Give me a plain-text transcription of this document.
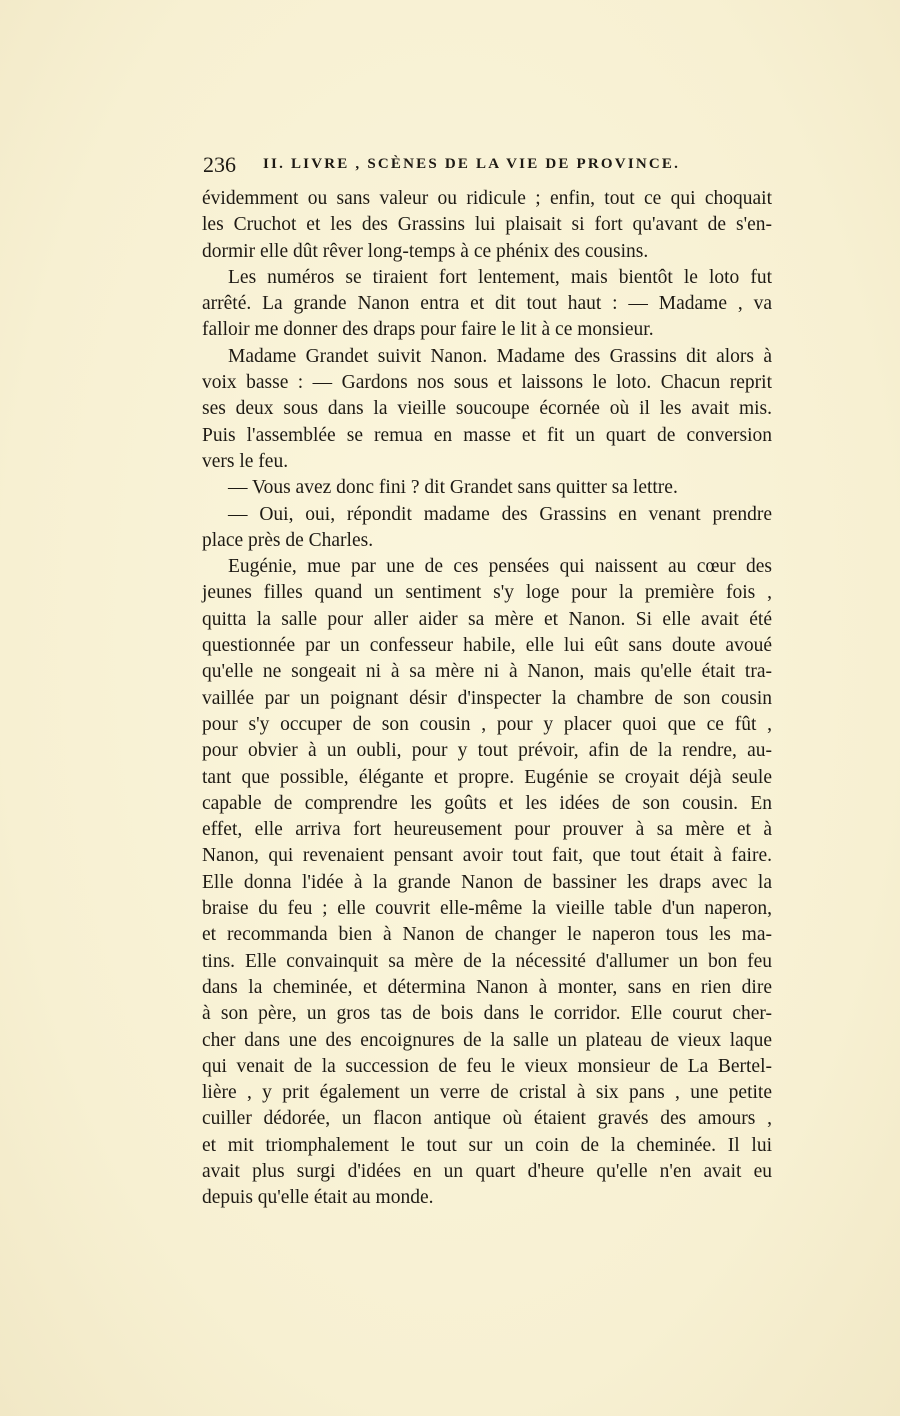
236 II. LIVRE , SCÈNES DE LA VIE DE PROVINCE.
évidemment ou sans valeur ou ridicule ; enfin, tout ce qui choquait
les Cruchot et les des Grassins lui plaisait si fort qu'avant de s'en-
dormir elle dût rêver long-temps à ce phénix des cousins.
Les numéros se tiraient fort lentement, mais bientôt le loto fut
arrêté. La grande Nanon entra et dit tout haut : — Madame , va
falloir me donner des draps pour faire le lit à ce monsieur.
Madame Grandet suivit Nanon. Madame des Grassins dit alors à
voix basse : — Gardons nos sous et laissons le loto. Chacun reprit
ses deux sous dans la vieille soucoupe écornée où il les avait mis.
Puis l'assemblée se remua en masse et fit un quart de conversion
vers le feu.
— Vous avez donc fini ? dit Grandet sans quitter sa lettre.
— Oui, oui, répondit madame des Grassins en venant prendre
place près de Charles.
Eugénie, mue par une de ces pensées qui naissent au cœur des
jeunes filles quand un sentiment s'y loge pour la première fois ,
quitta la salle pour aller aider sa mère et Nanon. Si elle avait été
questionnée par un confesseur habile, elle lui eût sans doute avoué
qu'elle ne songeait ni à sa mère ni à Nanon, mais qu'elle était tra-
vaillée par un poignant désir d'inspecter la chambre de son cousin
pour s'y occuper de son cousin , pour y placer quoi que ce fût ,
pour obvier à un oubli, pour y tout prévoir, afin de la rendre, au-
tant que possible, élégante et propre. Eugénie se croyait déjà seule
capable de comprendre les goûts et les idées de son cousin. En
effet, elle arriva fort heureusement pour prouver à sa mère et à
Nanon, qui revenaient pensant avoir tout fait, que tout était à faire.
Elle donna l'idée à la grande Nanon de bassiner les draps avec la
braise du feu ; elle couvrit elle-même la vieille table d'un naperon,
et recommanda bien à Nanon de changer le naperon tous les ma-
tins. Elle convainquit sa mère de la nécessité d'allumer un bon feu
dans la cheminée, et détermina Nanon à monter, sans en rien dire
à son père, un gros tas de bois dans le corridor. Elle courut cher-
cher dans une des encoignures de la salle un plateau de vieux laque
qui venait de la succession de feu le vieux monsieur de La Bertel-
lière , y prit également un verre de cristal à six pans , une petite
cuiller dédorée, un flacon antique où étaient gravés des amours ,
et mit triomphalement le tout sur un coin de la cheminée. Il lui
avait plus surgi d'idées en un quart d'heure qu'elle n'en avait eu
depuis qu'elle était au monde.
